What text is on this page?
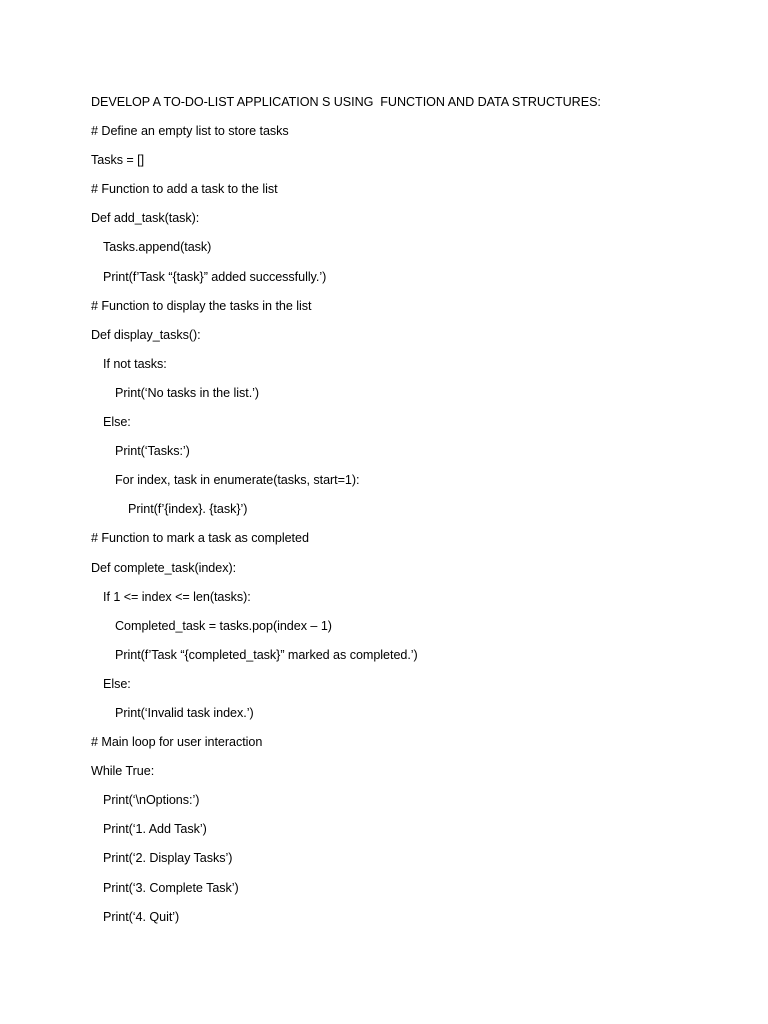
DEVELOP A TO-DO-LIST APPLICATION S USING  FUNCTION AND DATA STRUCTURES:
# Define an empty list to store tasks
Tasks = []
# Function to add a task to the list
Def add_task(task):
Tasks.append(task)
Print(f’Task “{task}” added successfully.’)
# Function to display the tasks in the list
Def display_tasks():
If not tasks:
Print(‘No tasks in the list.’)
Else:
Print(‘Tasks:’)
For index, task in enumerate(tasks, start=1):
Print(f’{index}. {task}’)
# Function to mark a task as completed
Def complete_task(index):
If 1 <= index <= len(tasks):
Completed_task = tasks.pop(index – 1)
Print(f’Task “{completed_task}” marked as completed.’)
Else:
Print(‘Invalid task index.’)
# Main loop for user interaction
While True:
Print(‘\nOptions:’)
Print(‘1. Add Task’)
Print(‘2. Display Tasks’)
Print(‘3. Complete Task’)
Print(‘4. Quit’)
